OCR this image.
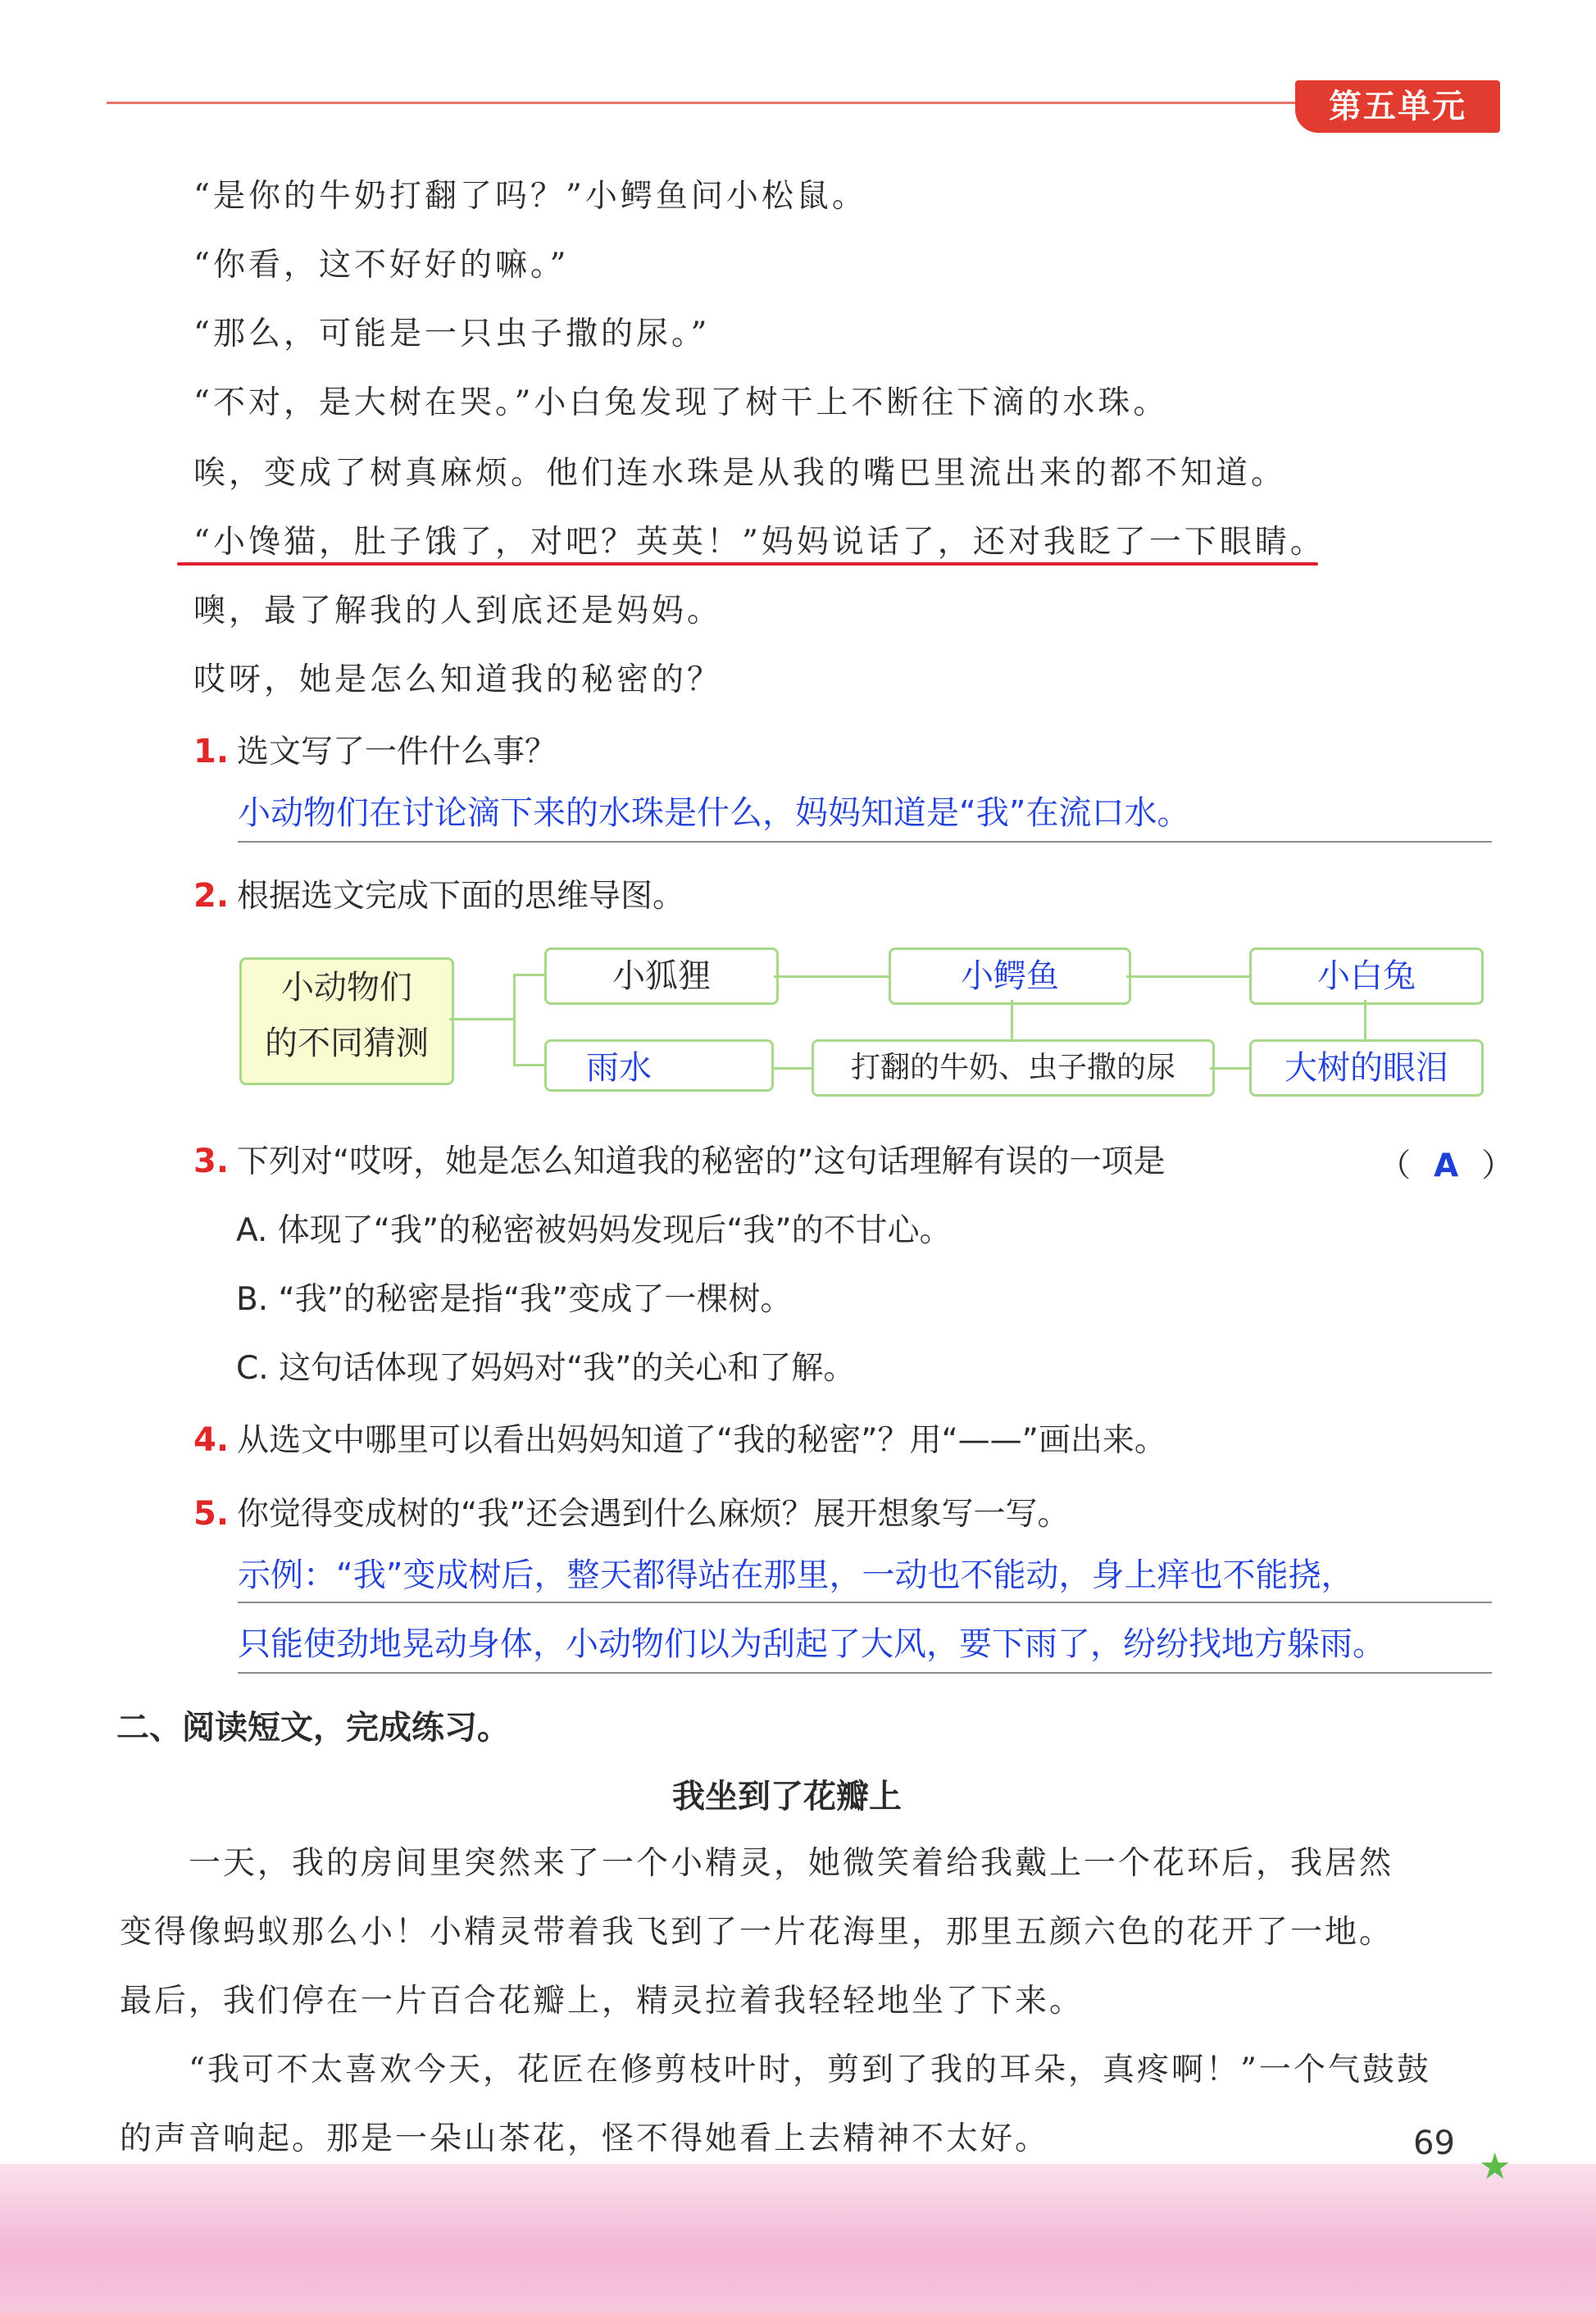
第五单元
“是你的牛奶打翻了吗？”小鳄鱼问小松鼠。
“你看，这不好好的嘛。”
“那么，可能是一只虫子撒的尿。”
“不对，是大树在哭。”小白兔发现了树干上不断往下滴的水珠。
唉，变成了树真麻烦。他们连水珠是从我的嘴巴里流出来的都不知道。
“小馋猫，肚子饿了，对吧？英英！”妈妈说话了，还对我眨了一下眼睛。
噢，最了解我的人到底还是妈妈。
哎呀，她是怎么知道我的秘密的？
1. 选文写了一件什么事？
小动物们在讨论滴下来的水珠是什么，妈妈知道是“我”在流口水。
2. 根据选文完成下面的思维导图。
小动物们
的不同猜测
小狐狸	小鳄鱼	小白兔
雨水	打翻的牛奶、虫子撒的尿	大树的眼泪
3. 下列对“哎呀，她是怎么知道我的秘密的”这句话理解有误的一项是	（ A ）
A. 体现了“我”的秘密被妈妈发现后“我”的不甘心。
B. “我”的秘密是指“我”变成了一棵树。
C. 这句话体现了妈妈对“我”的关心和了解。
4. 从选文中哪里可以看出妈妈知道了“我的秘密”？用“——”画出来。
5. 你觉得变成树的“我”还会遇到什么麻烦？展开想象写一写。
示例：“我”变成树后，整天都得站在那里，一动也不能动，身上痒也不能挠，
只能使劲地晃动身体，小动物们以为刮起了大风，要下雨了，纷纷找地方躲雨。
二、阅读短文，完成练习。
我坐到了花瓣上
一天，我的房间里突然来了一个小精灵，她微笑着给我戴上一个花环后，我居然
变得像蚂蚁那么小！小精灵带着我飞到了一片花海里，那里五颜六色的花开了一地。
最后，我们停在一片百合花瓣上，精灵拉着我轻轻地坐了下来。
“我可不太喜欢今天，花匠在修剪枝叶时，剪到了我的耳朵，真疼啊！”一个气鼓鼓
的声音响起。那是一朵山茶花，怪不得她看上去精神不太好。	69
★
